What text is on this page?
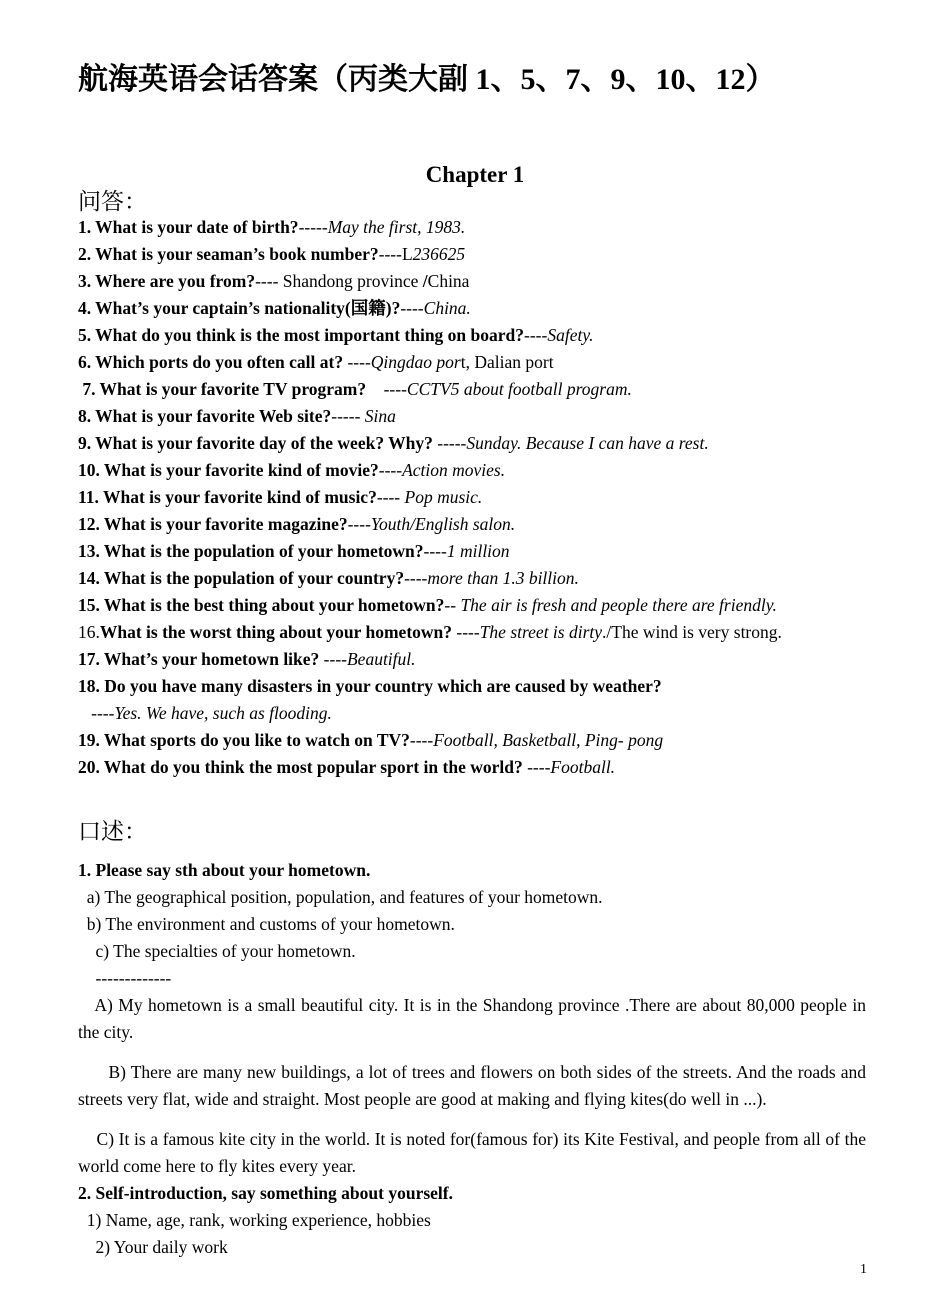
航海英语会话答案（丙类大副 1、5、7、9、10、12）
Chapter 1
问答：
1. What is your date of birth?-----May the first, 1983.
2. What is your seaman’s book number?----L236625
3. Where are you from?---- Shandong province /China
4. What’s your captain’s nationality(国籍)?----China.
5. What do you think is the most important thing on board?----Safety.
6. Which ports do you often call at? ----Qingdao port, Dalian port
7. What is your favorite TV program?    ----CCTV5 about football program.
8. What is your favorite Web site?----- Sina
9. What is your favorite day of the week? Why? -----Sunday. Because I can have a rest.
10. What is your favorite kind of movie?----Action movies.
11. What is your favorite kind of music?---- Pop music.
12. What is your favorite magazine?----Youth/English salon.
13. What is the population of your hometown?----1 million
14. What is the population of your country?----more than 1.3 billion.
15. What is the best thing about your hometown?-- The air is fresh and people there are friendly.
16.What is the worst thing about your hometown? ----The street is dirty./The wind is very strong.
17. What’s your hometown like? ----Beautiful.
18. Do you have many disasters in your country which are caused by weather?
----Yes. We have, such as flooding.
19. What sports do you like to watch on TV?----Football, Basketball, Ping- pong
20. What do you think the most popular sport in the world? ----Football.
口述：
1. Please say sth about your hometown.
a) The geographical position, population, and features of your hometown.
b) The environment and customs of your hometown.
c) The specialties of your hometown.
-------------
A) My hometown is a small beautiful city. It is in the Shandong province .There are about 80,000 people in the city.
B) There are many new buildings, a lot of trees and flowers on both sides of the streets. And the roads and streets very flat, wide and straight. Most people are good at making and flying kites(do well in ...).
C) It is a famous kite city in the world. It is noted for(famous for) its Kite Festival, and people from all of the world come here to fly kites every year.
2. Self-introduction, say something about yourself.
1) Name, age, rank, working experience, hobbies
2) Your daily work
1
